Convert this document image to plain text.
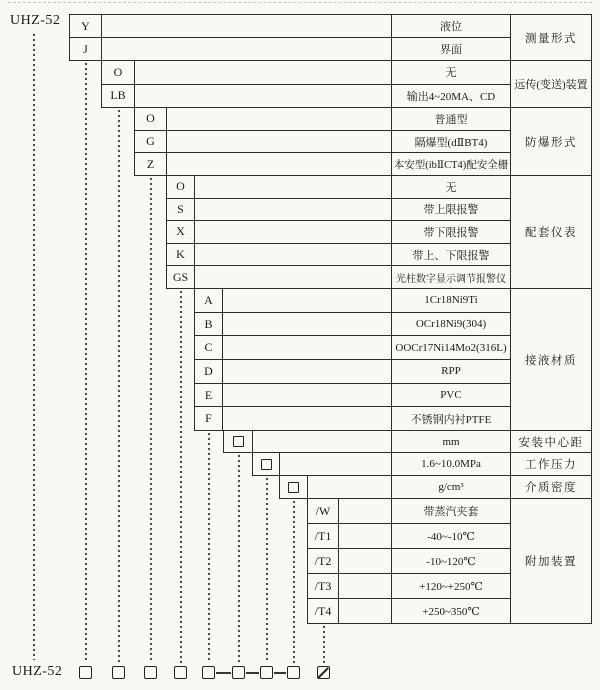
UHZ-52	Y	液位
J	界面
测量形式
O	无
LB	输出4~20MA、CD
远传(变送)装置
O	普通型
G	隔爆型(dⅡBT4)
Z	本安型(ibⅡCT4)配安全栅
防爆形式
O	无
S	带上限报警
X	带下限报警
K	带上、下限报警
GS	光柱数字显示调节报警仪
配套仪表
A	1Cr18Ni9Ti
B	OCr18Ni9(304)
C	OOCr17Ni14Mo2(316L)
D	RPP
E	PVC
F	不锈钢内衬PTFE
接液材质
mm	安装中心距
1.6~10.0MPa	工作压力
g/cm³	介质密度
/W	带蒸汽夹套
/T1	-40~-10℃
/T2	-10~120℃
/T3	+120~+250℃
/T4	+250~350℃
附加装置
UHZ-52
